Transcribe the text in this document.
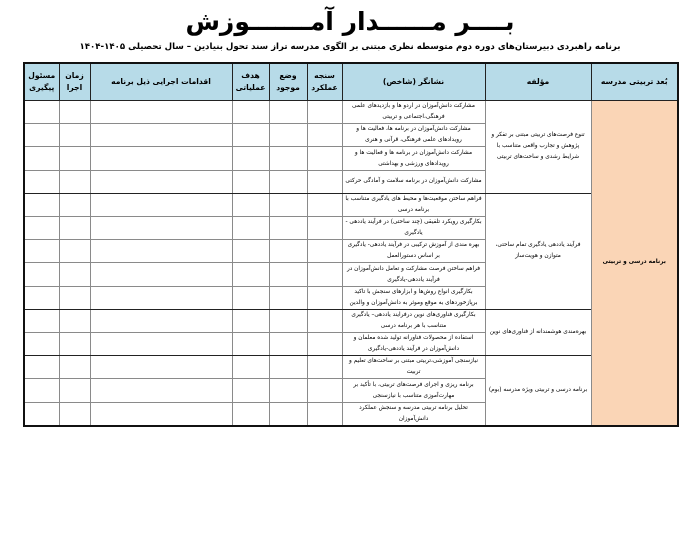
بــــر مــــــدار آمـــــــوزش
برنامه راهبردی دبیرستان‌های دوره دوم متوسطه نظری مبتنی بر الگوی مدرسه تراز سند تحول بنیادین – سال تحصیلی ۱۴۰۵-۱۴۰۴
بُعد تربیتی مدرسه	مؤلفه	نشانگر (شاخص)	سنجه عملکرد	وضع موجود	هدف عملیاتی	اقدامات اجرایی ذیل برنامه	زمان اجرا	مسئول پیگیری
برنامه درسی و تربیتی	تنوع فرصت‌های تربیتی مبتنی بر تفکر و پژوهش و تجارب واقعی متناسب با شرایط رشدی و ساحت‌های تربیتی	مشارکت دانش‌آموزان در اردو ها و بازدیدهای علمی فرهنگی،اجتماعی و تربیتی						
		مشارکت دانش‌آموزان در برنامه ها، فعالیت ها و رویدادهای علمی فرهنگی، قرآنی و هنری						
		مشارکت دانش‌آموزان در برنامه ها و فعالیت ها و رویدادهای ورزشی و بهداشتی						
		مشارکت دانش‌آموزان در برنامه سلامت و آمادگی حرکتی						
	فرآیند یاددهی یادگیری تمام ساحتی، متوازن و هویت‌ساز	فراهم ساختن موقعیت‌ها و محیط های یادگیری متناسب با برنامه درسی						
		بکارگیری رویکرد تلفیقی (چند ساحتی) در فرآیند یاددهی - یادگیری						
		بهره مندی از آموزش ترکیبی در فرآیند یاددهی- یادگیری بر اساس دستورالعمل						
		فراهم ساختن فرصت مشارکت و تعامل دانش‌آموزان در فرآیند یاددهی-یادگیری						
		بکارگیری انواع روش‌ها و ابزارهای سنجش با تاکید برپازخوردهای به موقع وموثر به دانش‌آموزان و والدین						
	بهره‌مندی هوشمندانه از فناوری‌های نوین	بکارگیری فناوری‌های نوین درفرایند یاددهی– یادگیری متناسب با هر برنامه درسی						
		استفاده از محصولات فناورانه تولید شده معلمان و دانش‌آموزان در فرآیند یاددهی-یادگیری						
	برنامه درسی و تربیتی ویژه مدرسه (بوم)	نیازسنجی آموزشی،تربیتی مبتنی بر ساحت‌های تعلیم و تربیت						
		برنامه ریزی و اجرای فرصت‌های تربیتی، با تأکید بر مهارت‌آموزی متناسب با نیازسنجی						
		تحلیل برنامه تربیتی مدرسه و سنجش عملکرد دانش‌آموزان						
